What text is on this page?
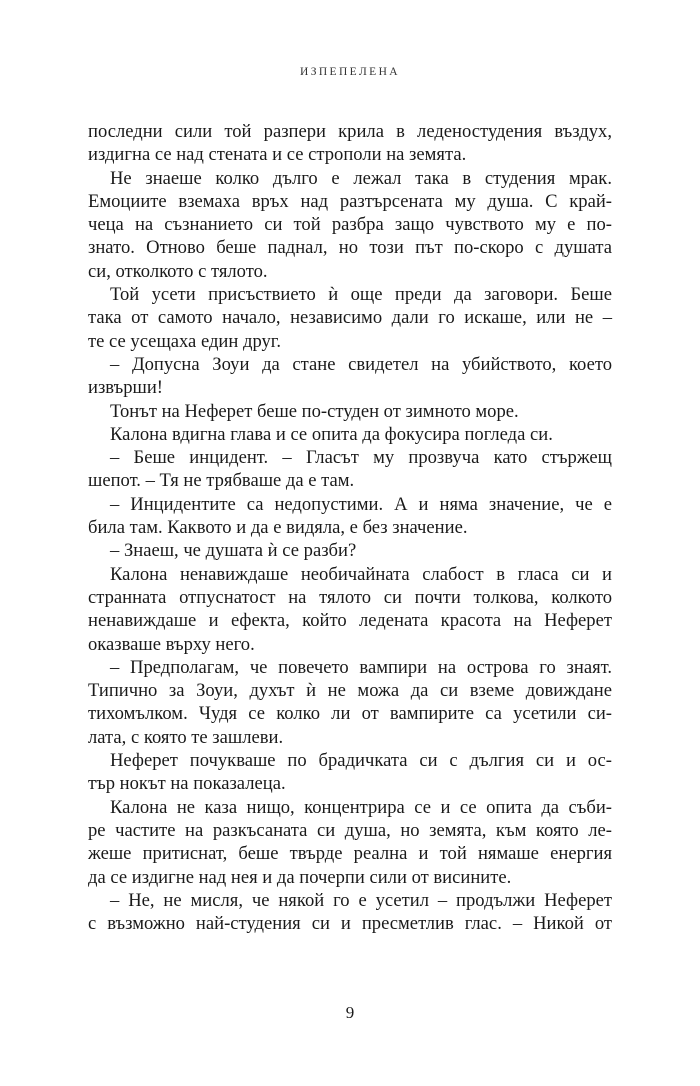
ИЗПЕПЕЛЕНА
последни сили той разпери крила в леденостудения въздух,
издигна се над стената и се строполи на земята.
Не знаеше колко дълго е лежал така в студения мрак.
Емоциите вземаха връх над разтърсената му душа. С край-
чеца на съзнанието си той разбра защо чувството му е по-
знато. Отново беше паднал, но този път по-скоро с душата
си, отколкото с тялото.
Той усети присъствието ѝ още преди да заговори. Беше
така от самото начало, независимо дали го искаше, или не –
те се усещаха един друг.
– Допусна Зоуи да стане свидетел на убийството, което
извърши!
Тонът на Неферет беше по-студен от зимното море.
Калона вдигна глава и се опита да фокусира погледа си.
– Беше инцидент. – Гласът му прозвуча като стържещ
шепот. – Тя не трябваше да е там.
– Инцидентите са недопустими. А и няма значение, че е
била там. Каквото и да е видяла, е без значение.
– Знаеш, че душата ѝ се разби?
Калона ненавиждаше необичайната слабост в гласа си и
странната отпуснатост на тялото си почти толкова, колкото
ненавиждаше и ефекта, който ледената красота на Неферет
оказваше върху него.
– Предполагам, че повечето вампири на острова го знаят.
Типично за Зоуи, духът ѝ не можа да си вземе довиждане
тихомълком. Чудя се колко ли от вампирите са усетили си-
лата, с която те зашлеви.
Неферет почукваше по брадичката си с дългия си и ос-
тър нокът на показалеца.
Калона не каза нищо, концентрира се и се опита да съби-
ре частите на разкъсаната си душа, но земята, към която ле-
жеше притиснат, беше твърде реална и той нямаше енергия
да се издигне над нея и да почерпи сили от висините.
– Не, не мисля, че някой го е усетил – продължи Неферет
с възможно най-студения си и пресметлив глас. – Никой от
9
